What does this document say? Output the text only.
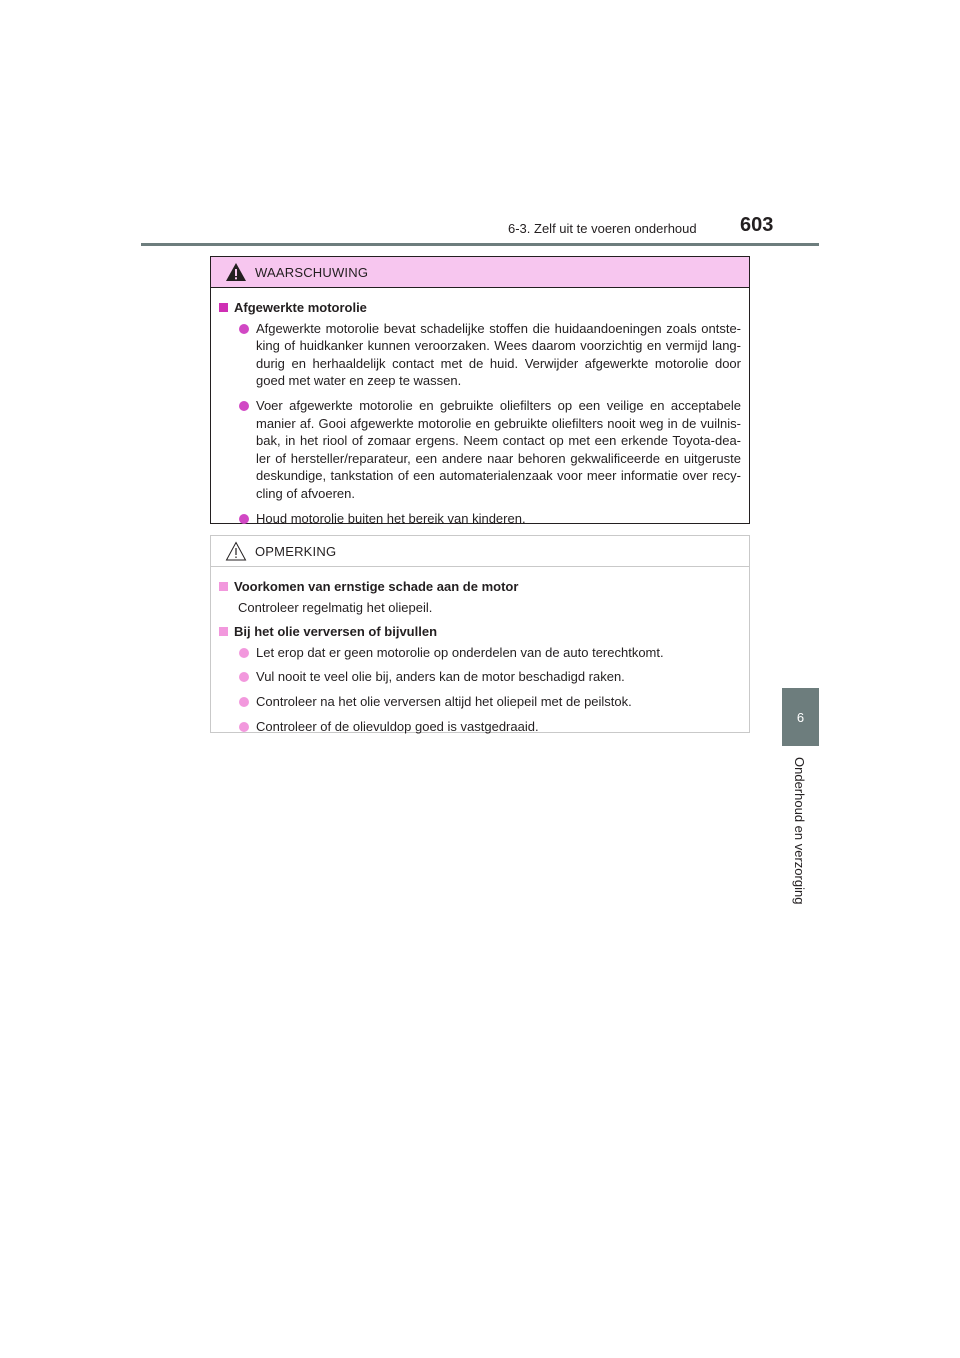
6-3. Zelf uit te voeren onderhoud 603
6
Onderhoud en verzorging
WAARSCHUWING
Afgewerkte motorolie
Afgewerkte motorolie bevat schadelijke stoffen die huidaandoeningen zoals ontste-king of huidkanker kunnen veroorzaken. Wees daarom voorzichtig en vermijd lang-durig en herhaaldelijk contact met de huid. Verwijder afgewerkte motorolie door goed met water en zeep te wassen.
Voer afgewerkte motorolie en gebruikte oliefilters op een veilige en acceptabele manier af. Gooi afgewerkte motorolie en gebruikte oliefilters nooit weg in de vuilnis-bak, in het riool of zomaar ergens. Neem contact op met een erkende Toyota-dea-ler of hersteller/reparateur, een andere naar behoren gekwalificeerde en uitgeruste deskundige, tankstation of een automaterialenzaak voor meer informatie over recy-cling of afvoeren.
Houd motorolie buiten het bereik van kinderen.
OPMERKING
Voorkomen van ernstige schade aan de motor
Controleer regelmatig het oliepeil.
Bij het olie verversen of bijvullen
Let erop dat er geen motorolie op onderdelen van de auto terechtkomt.
Vul nooit te veel olie bij, anders kan de motor beschadigd raken.
Controleer na het olie verversen altijd het oliepeil met de peilstok.
Controleer of de olievuldop goed is vastgedraaid.
